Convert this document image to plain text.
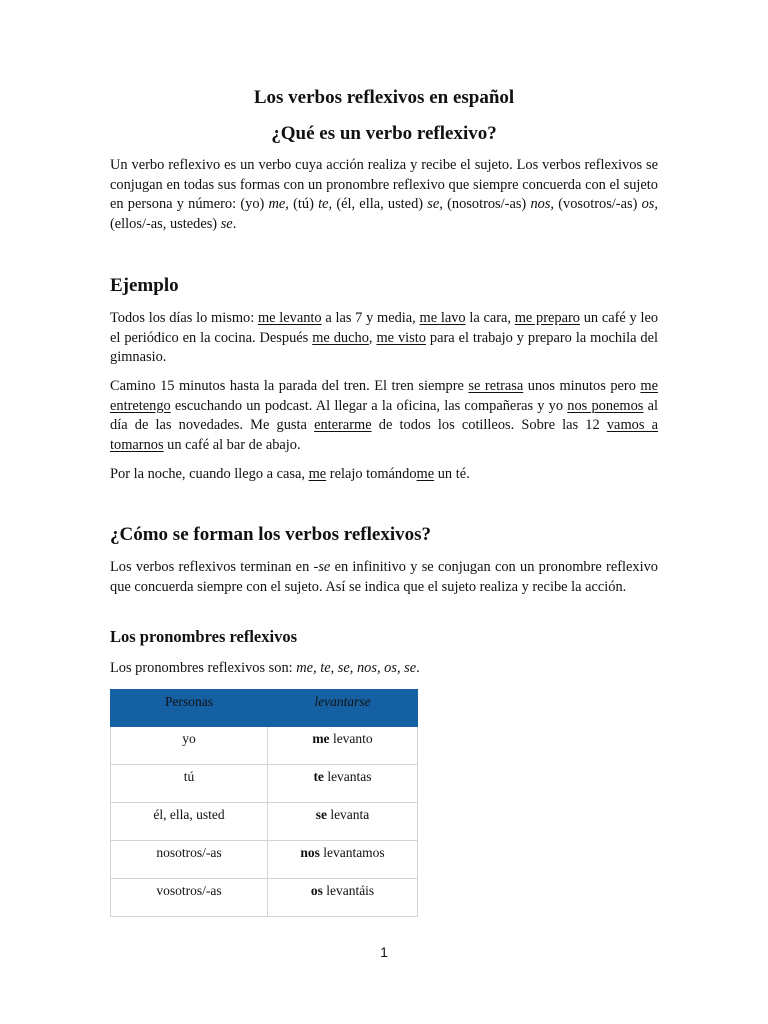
Los verbos reflexivos en español
¿Qué es un verbo reflexivo?

Un verbo reflexivo es un verbo cuya acción realiza y recibe el sujeto. Los verbos reflexivos se conjugan en todas sus formas con un pronombre reflexivo que siempre concuerda con el sujeto en persona y número: (yo) me, (tú) te, (él, ella, usted) se, (nosotros/-as) nos, (vosotros/-as) os, (ellos/-as, ustedes) se.

Ejemplo

Todos los días lo mismo: me levanto a las 7 y media, me lavo la cara, me preparo un café y leo el periódico en la cocina. Después me ducho, me visto para el trabajo y preparo la mochila del gimnasio.

Camino 15 minutos hasta la parada del tren. El tren siempre se retrasa unos minutos pero me entretengo escuchando un podcast. Al llegar a la oficina, las compañeras y yo nos ponemos al día de las novedades. Me gusta enterarme de todos los cotilleos. Sobre las 12 vamos a tomarnos un café al bar de abajo.

Por la noche, cuando llego a casa, me relajo tomándome un té.

¿Cómo se forman los verbos reflexivos?

Los verbos reflexivos terminan en -se en infinitivo y se conjugan con un pronombre reflexivo que concuerda siempre con el sujeto. Así se indica que el sujeto realiza y recibe la acción.

Los pronombres reflexivos

Los pronombres reflexivos son: me, te, se, nos, os, se.

Personas	levantarse
yo	me levanto
tú	te levantas
él, ella, usted	se levanta
nosotros/-as	nos levantamos
vosotros/-as	os levantáis
1
